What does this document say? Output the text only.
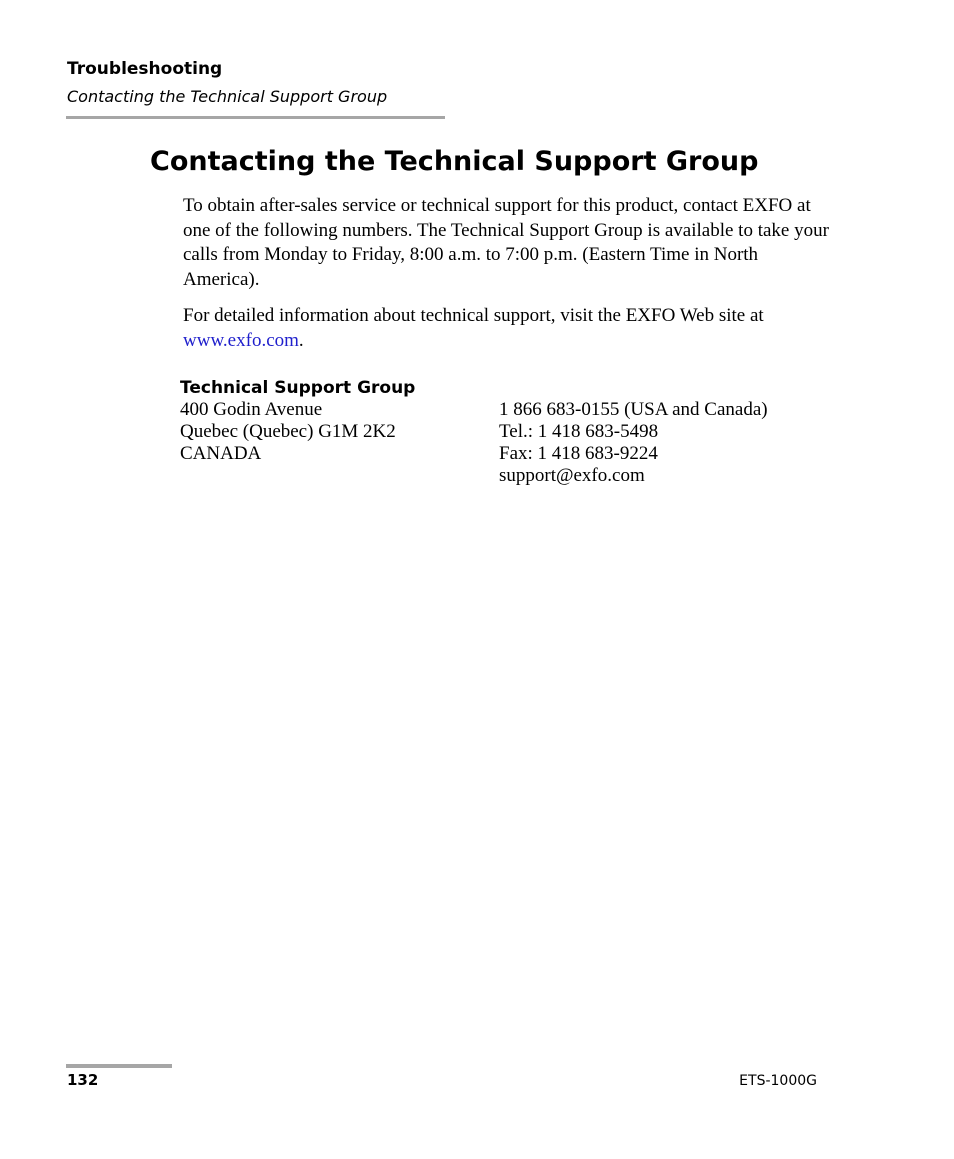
Troubleshooting
Contacting the Technical Support Group
Contacting the Technical Support Group

To obtain after-sales service or technical support for this product, contact EXFO at one of the following numbers. The Technical Support Group is available to take your calls from Monday to Friday, 8:00 a.m. to 7:00 p.m. (Eastern Time in North America).

For detailed information about technical support, visit the EXFO Web site at www.exfo.com.

Technical Support Group
400 Godin Avenue
Quebec (Quebec) G1M 2K2
CANADA
1 866 683-0155 (USA and Canada)
Tel.: 1 418 683-5498
Fax: 1 418 683-9224
support@exfo.com
132	ETS-1000G
